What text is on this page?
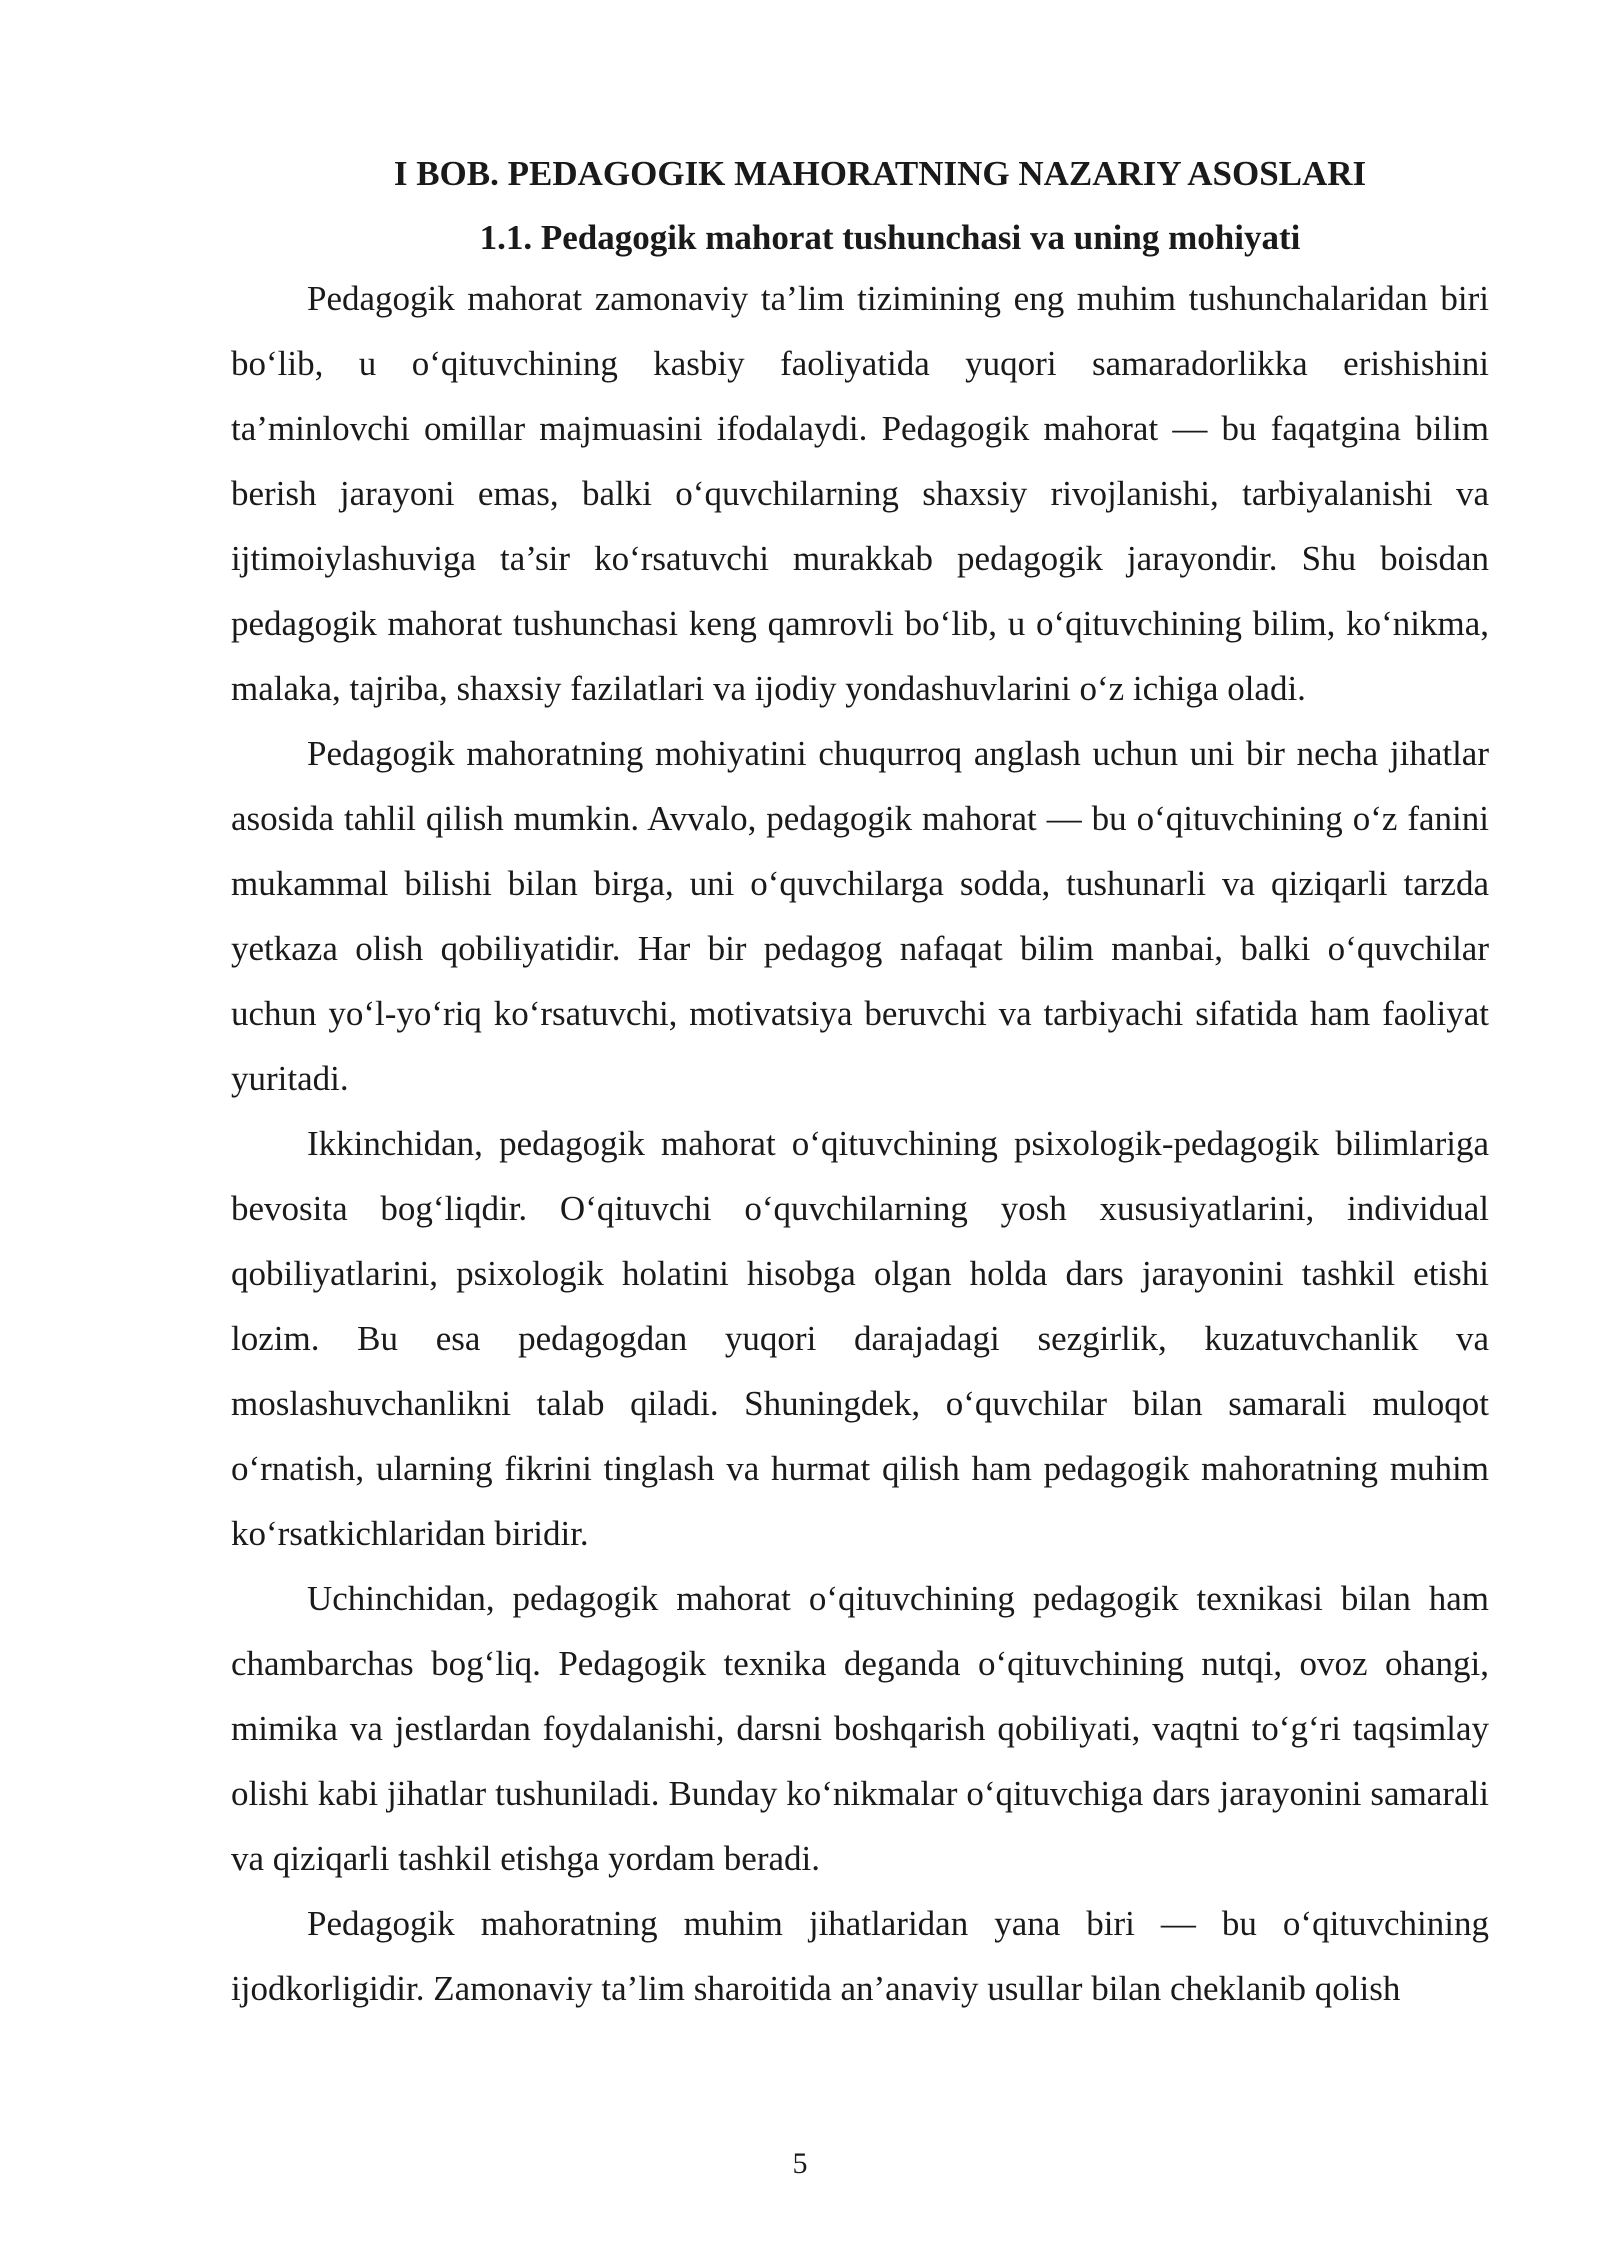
I BOB. PEDAGOGIK MAHORATNING NAZARIY ASOSLARI
1.1. Pedagogik mahorat tushunchasi va uning mohiyati

Pedagogik mahorat zamonaviy ta’lim tizimining eng muhim tushunchalaridan biri bo‘lib, u o‘qituvchining kasbiy faoliyatida yuqori samaradorlikka erishishini ta’minlovchi omillar majmuasini ifodalaydi. Pedagogik mahorat — bu faqatgina bilim berish jarayoni emas, balki o‘quvchilarning shaxsiy rivojlanishi, tarbiyalanishi va ijtimoiylashuviga ta’sir ko‘rsatuvchi murakkab pedagogik jarayondir. Shu boisdan pedagogik mahorat tushunchasi keng qamrovli bo‘lib, u o‘qituvchining bilim, ko‘nikma, malaka, tajriba, shaxsiy fazilatlari va ijodiy yondashuvlarini o‘z ichiga oladi.

Pedagogik mahoratning mohiyatini chuqurroq anglash uchun uni bir necha jihatlar asosida tahlil qilish mumkin. Avvalo, pedagogik mahorat — bu o‘qituvchining o‘z fanini mukammal bilishi bilan birga, uni o‘quvchilarga sodda, tushunarli va qiziqarli tarzda yetkaza olish qobiliyatidir. Har bir pedagog nafaqat bilim manbai, balki o‘quvchilar uchun yo‘l-yo‘riq ko‘rsatuvchi, motivatsiya beruvchi va tarbiyachi sifatida ham faoliyat yuritadi.

Ikkinchidan, pedagogik mahorat o‘qituvchining psixologik-pedagogik bilimlariga bevosita bog‘liqdir. O‘qituvchi o‘quvchilarning yosh xususiyatlarini, individual qobiliyatlarini, psixologik holatini hisobga olgan holda dars jarayonini tashkil etishi lozim. Bu esa pedagogdan yuqori darajadagi sezgirlik, kuzatuvchanlik va moslashuvchanlikni talab qiladi. Shuningdek, o‘quvchilar bilan samarali muloqot o‘rnatish, ularning fikrini tinglash va hurmat qilish ham pedagogik mahoratning muhim ko‘rsatkichlaridan biridir.

Uchinchidan, pedagogik mahorat o‘qituvchining pedagogik texnikasi bilan ham chambarchas bog‘liq. Pedagogik texnika deganda o‘qituvchining nutqi, ovoz ohangi, mimika va jestlardan foydalanishi, darsni boshqarish qobiliyati, vaqtni to‘g‘ri taqsimlay olishi kabi jihatlar tushuniladi. Bunday ko‘nikmalar o‘qituvchiga dars jarayonini samarali va qiziqarli tashkil etishga yordam beradi.

Pedagogik mahoratning muhim jihatlaridan yana biri — bu o‘qituvchining ijodkorligidir. Zamonaviy ta’lim sharoitida an’anaviy usullar bilan cheklanib qolish

5
